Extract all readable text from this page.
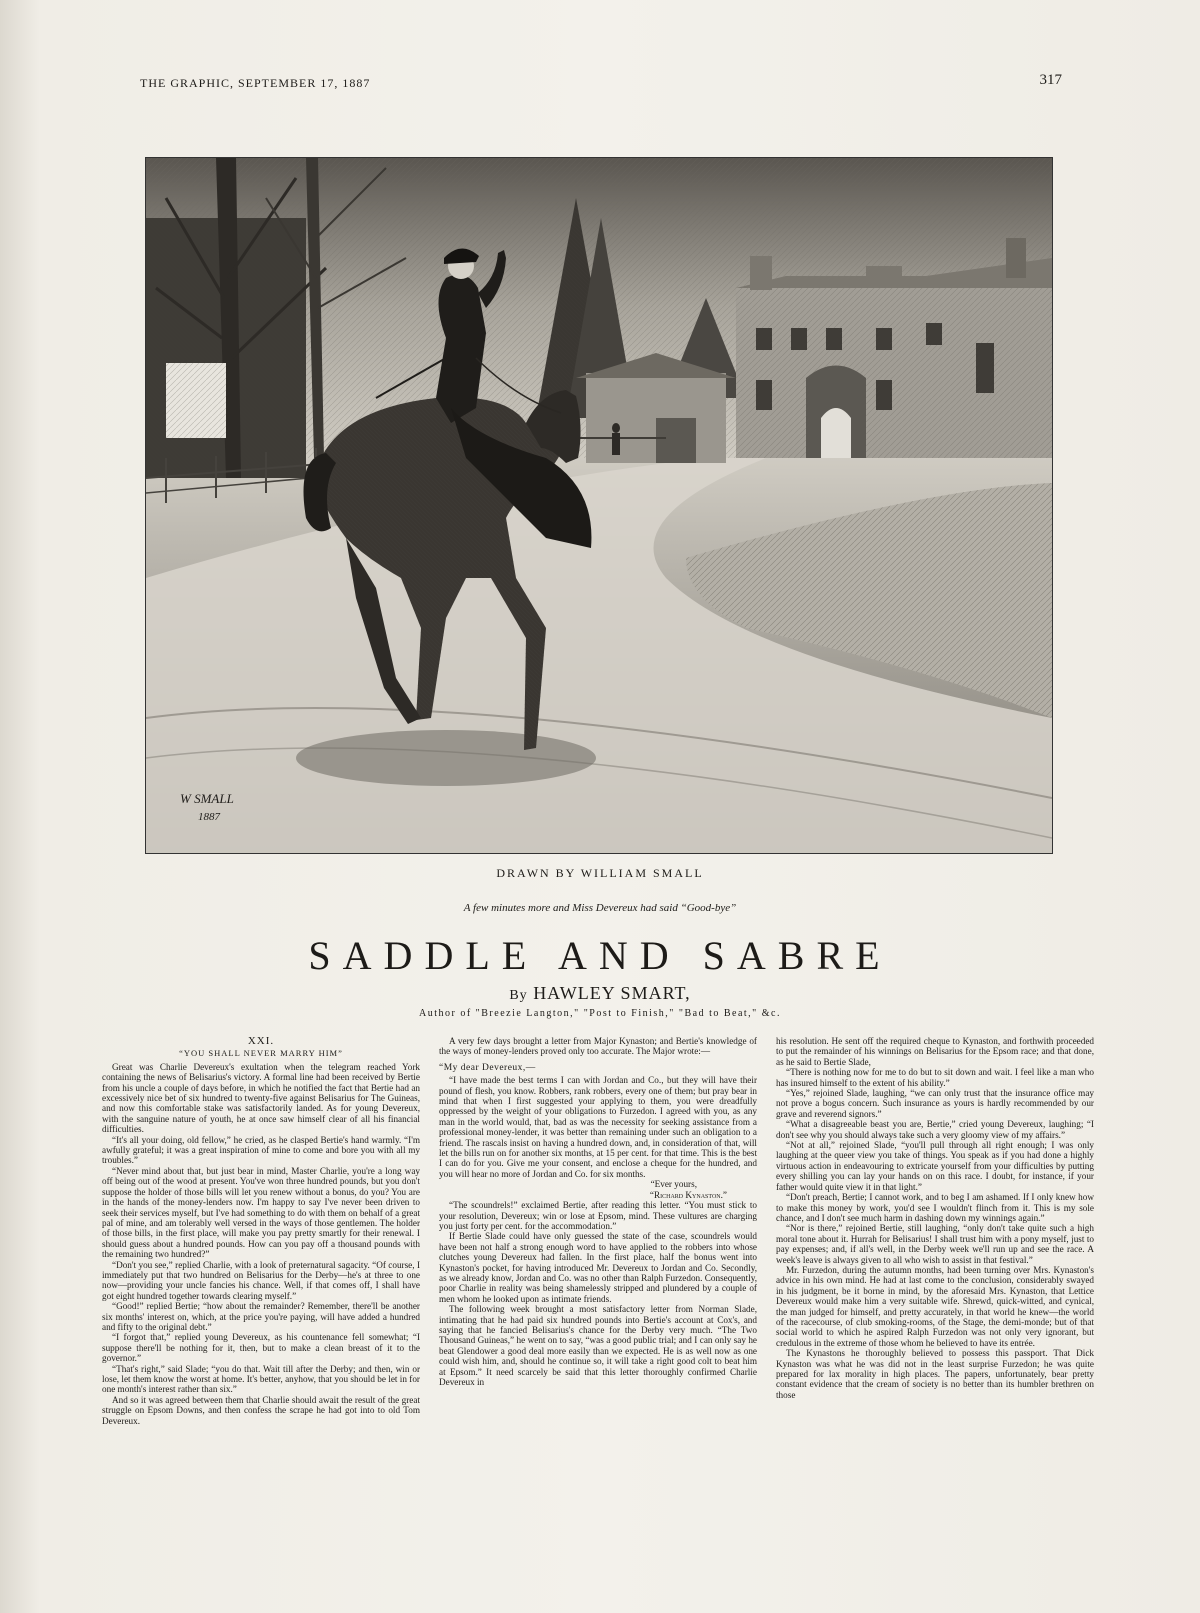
THE GRAPHIC, SEPTEMBER 17, 1887	317
W SMALL
1887
DRAWN BY WILLIAM SMALL
A few minutes more and Miss Devereux had said “Good-bye”
SADDLE AND SABRE
By HAWLEY SMART,
Author of "Breezie Langton," "Post to Finish," "Bad to Beat," &c.
XXI.
“YOU SHALL NEVER MARRY HIM”

Great was Charlie Devereux's exultation when the telegram reached York containing the news of Belisarius's victory. A formal line had been received by Bertie from his uncle a couple of days before, in which he notified the fact that Bertie had an excessively nice bet of six hundred to twenty-five against Belisarius for The Guineas, and now this comfortable stake was satisfactorily landed. As for young Devereux, with the sanguine nature of youth, he at once saw himself clear of all his financial difficulties.

“It's all your doing, old fellow,” he cried, as he clasped Bertie's hand warmly. “I'm awfully grateful; it was a great inspiration of mine to come and bore you with all my troubles.”

“Never mind about that, but just bear in mind, Master Charlie, you're a long way off being out of the wood at present. You've won three hundred pounds, but you don't suppose the holder of those bills will let you renew without a bonus, do you? You are in the hands of the money-lenders now. I'm happy to say I've never been driven to seek their services myself, but I've had something to do with them on behalf of a great pal of mine, and am tolerably well versed in the ways of those gentlemen. The holder of those bills, in the first place, will make you pay pretty smartly for their renewal. I should guess about a hundred pounds. How can you pay off a thousand pounds with the remaining two hundred?”

“Don't you see,” replied Charlie, with a look of preternatural sagacity. “Of course, I immediately put that two hundred on Belisarius for the Derby—he's at three to one now—providing your uncle fancies his chance. Well, if that comes off, I shall have got eight hundred together towards clearing myself.”

“Good!” replied Bertie; “how about the remainder? Remember, there'll be another six months' interest on, which, at the price you're paying, will have added a hundred and fifty to the original debt.”

“I forgot that,” replied young Devereux, as his countenance fell somewhat; “I suppose there'll be nothing for it, then, but to make a clean breast of it to the governor.”

“That's right,” said Slade; “you do that. Wait till after the Derby; and then, win or lose, let them know the worst at home. It's better, anyhow, that you should be let in for one month's interest rather than six.”

And so it was agreed between them that Charlie should await the result of the great struggle on Epsom Downs, and then confess the scrape he had got into to old Tom Devereux.

A very few days brought a letter from Major Kynaston; and Bertie's knowledge of the ways of money-lenders proved only too accurate. The Major wrote:—

“My dear Devereux,—

“I have made the best terms I can with Jordan and Co., but they will have their pound of flesh, you know. Robbers, rank robbers, every one of them; but pray bear in mind that when I first suggested your applying to them, you were dreadfully oppressed by the weight of your obligations to Furzedon. I agreed with you, as any man in the world would, that, bad as was the necessity for seeking assistance from a professional money-lender, it was better than remaining under such an obligation to a friend. The rascals insist on having a hundred down, and, in consideration of that, will let the bills run on for another six months, at 15 per cent. for that time. This is the best I can do for you. Give me your consent, and enclose a cheque for the hundred, and you will hear no more of Jordan and Co. for six months.

“Ever yours,

“Richard Kynaston.”

“The scoundrels!” exclaimed Bertie, after reading this letter. “You must stick to your resolution, Devereux; win or lose at Epsom, mind. These vultures are charging you just forty per cent. for the accommodation.”

If Bertie Slade could have only guessed the state of the case, scoundrels would have been not half a strong enough word to have applied to the robbers into whose clutches young Devereux had fallen. In the first place, half the bonus went into Kynaston's pocket, for having introduced Mr. Devereux to Jordan and Co. Secondly, as we already know, Jordan and Co. was no other than Ralph Furzedon. Consequently, poor Charlie in reality was being shamelessly stripped and plundered by a couple of men whom he looked upon as intimate friends.

The following week brought a most satisfactory letter from Norman Slade, intimating that he had paid six hundred pounds into Bertie's account at Cox's, and saying that he fancied Belisarius's chance for the Derby very much. “The Two Thousand Guineas,” he went on to say, “was a good public trial; and I can only say he beat Glendower a good deal more easily than we expected. He is as well now as one could wish him, and, should he continue so, it will take a right good colt to beat him at Epsom.” It need scarcely be said that this letter thoroughly confirmed Charlie Devereux in

his resolution. He sent off the required cheque to Kynaston, and forthwith proceeded to put the remainder of his winnings on Belisarius for the Epsom race; and that done, as he said to Bertie Slade,

“There is nothing now for me to do but to sit down and wait. I feel like a man who has insured himself to the extent of his ability.”

“Yes,” rejoined Slade, laughing, “we can only trust that the insurance office may not prove a bogus concern. Such insurance as yours is hardly recommended by our grave and reverend signors.”

“What a disagreeable beast you are, Bertie,” cried young Devereux, laughing; “I don't see why you should always take such a very gloomy view of my affairs.”

“Not at all,” rejoined Slade, “you'll pull through all right enough; I was only laughing at the queer view you take of things. You speak as if you had done a highly virtuous action in endeavouring to extricate yourself from your difficulties by putting every shilling you can lay your hands on on this race. I doubt, for instance, if your father would quite view it in that light.”

“Don't preach, Bertie; I cannot work, and to beg I am ashamed. If I only knew how to make this money by work, you'd see I wouldn't flinch from it. This is my sole chance, and I don't see much harm in dashing down my winnings again.”

“Nor is there,” rejoined Bertie, still laughing, “only don't take quite such a high moral tone about it. Hurrah for Belisarius! I shall trust him with a pony myself, just to pay expenses; and, if all's well, in the Derby week we'll run up and see the race. A week's leave is always given to all who wish to assist in that festival.”

Mr. Furzedon, during the autumn months, had been turning over Mrs. Kynaston's advice in his own mind. He had at last come to the conclusion, considerably swayed in his judgment, be it borne in mind, by the aforesaid Mrs. Kynaston, that Lettice Devereux would make him a very suitable wife. Shrewd, quick-witted, and cynical, the man judged for himself, and pretty accurately, in that world he knew—the world of the racecourse, of club smoking-rooms, of the Stage, the demi-monde; but of that social world to which he aspired Ralph Furzedon was not only very ignorant, but credulous in the extreme of those whom he believed to have its entrée.

The Kynastons he thoroughly believed to possess this passport. That Dick Kynaston was what he was did not in the least surprise Furzedon; he was quite prepared for lax morality in high places. The papers, unfortunately, bear pretty constant evidence that the cream of society is no better than its humbler brethren on those
